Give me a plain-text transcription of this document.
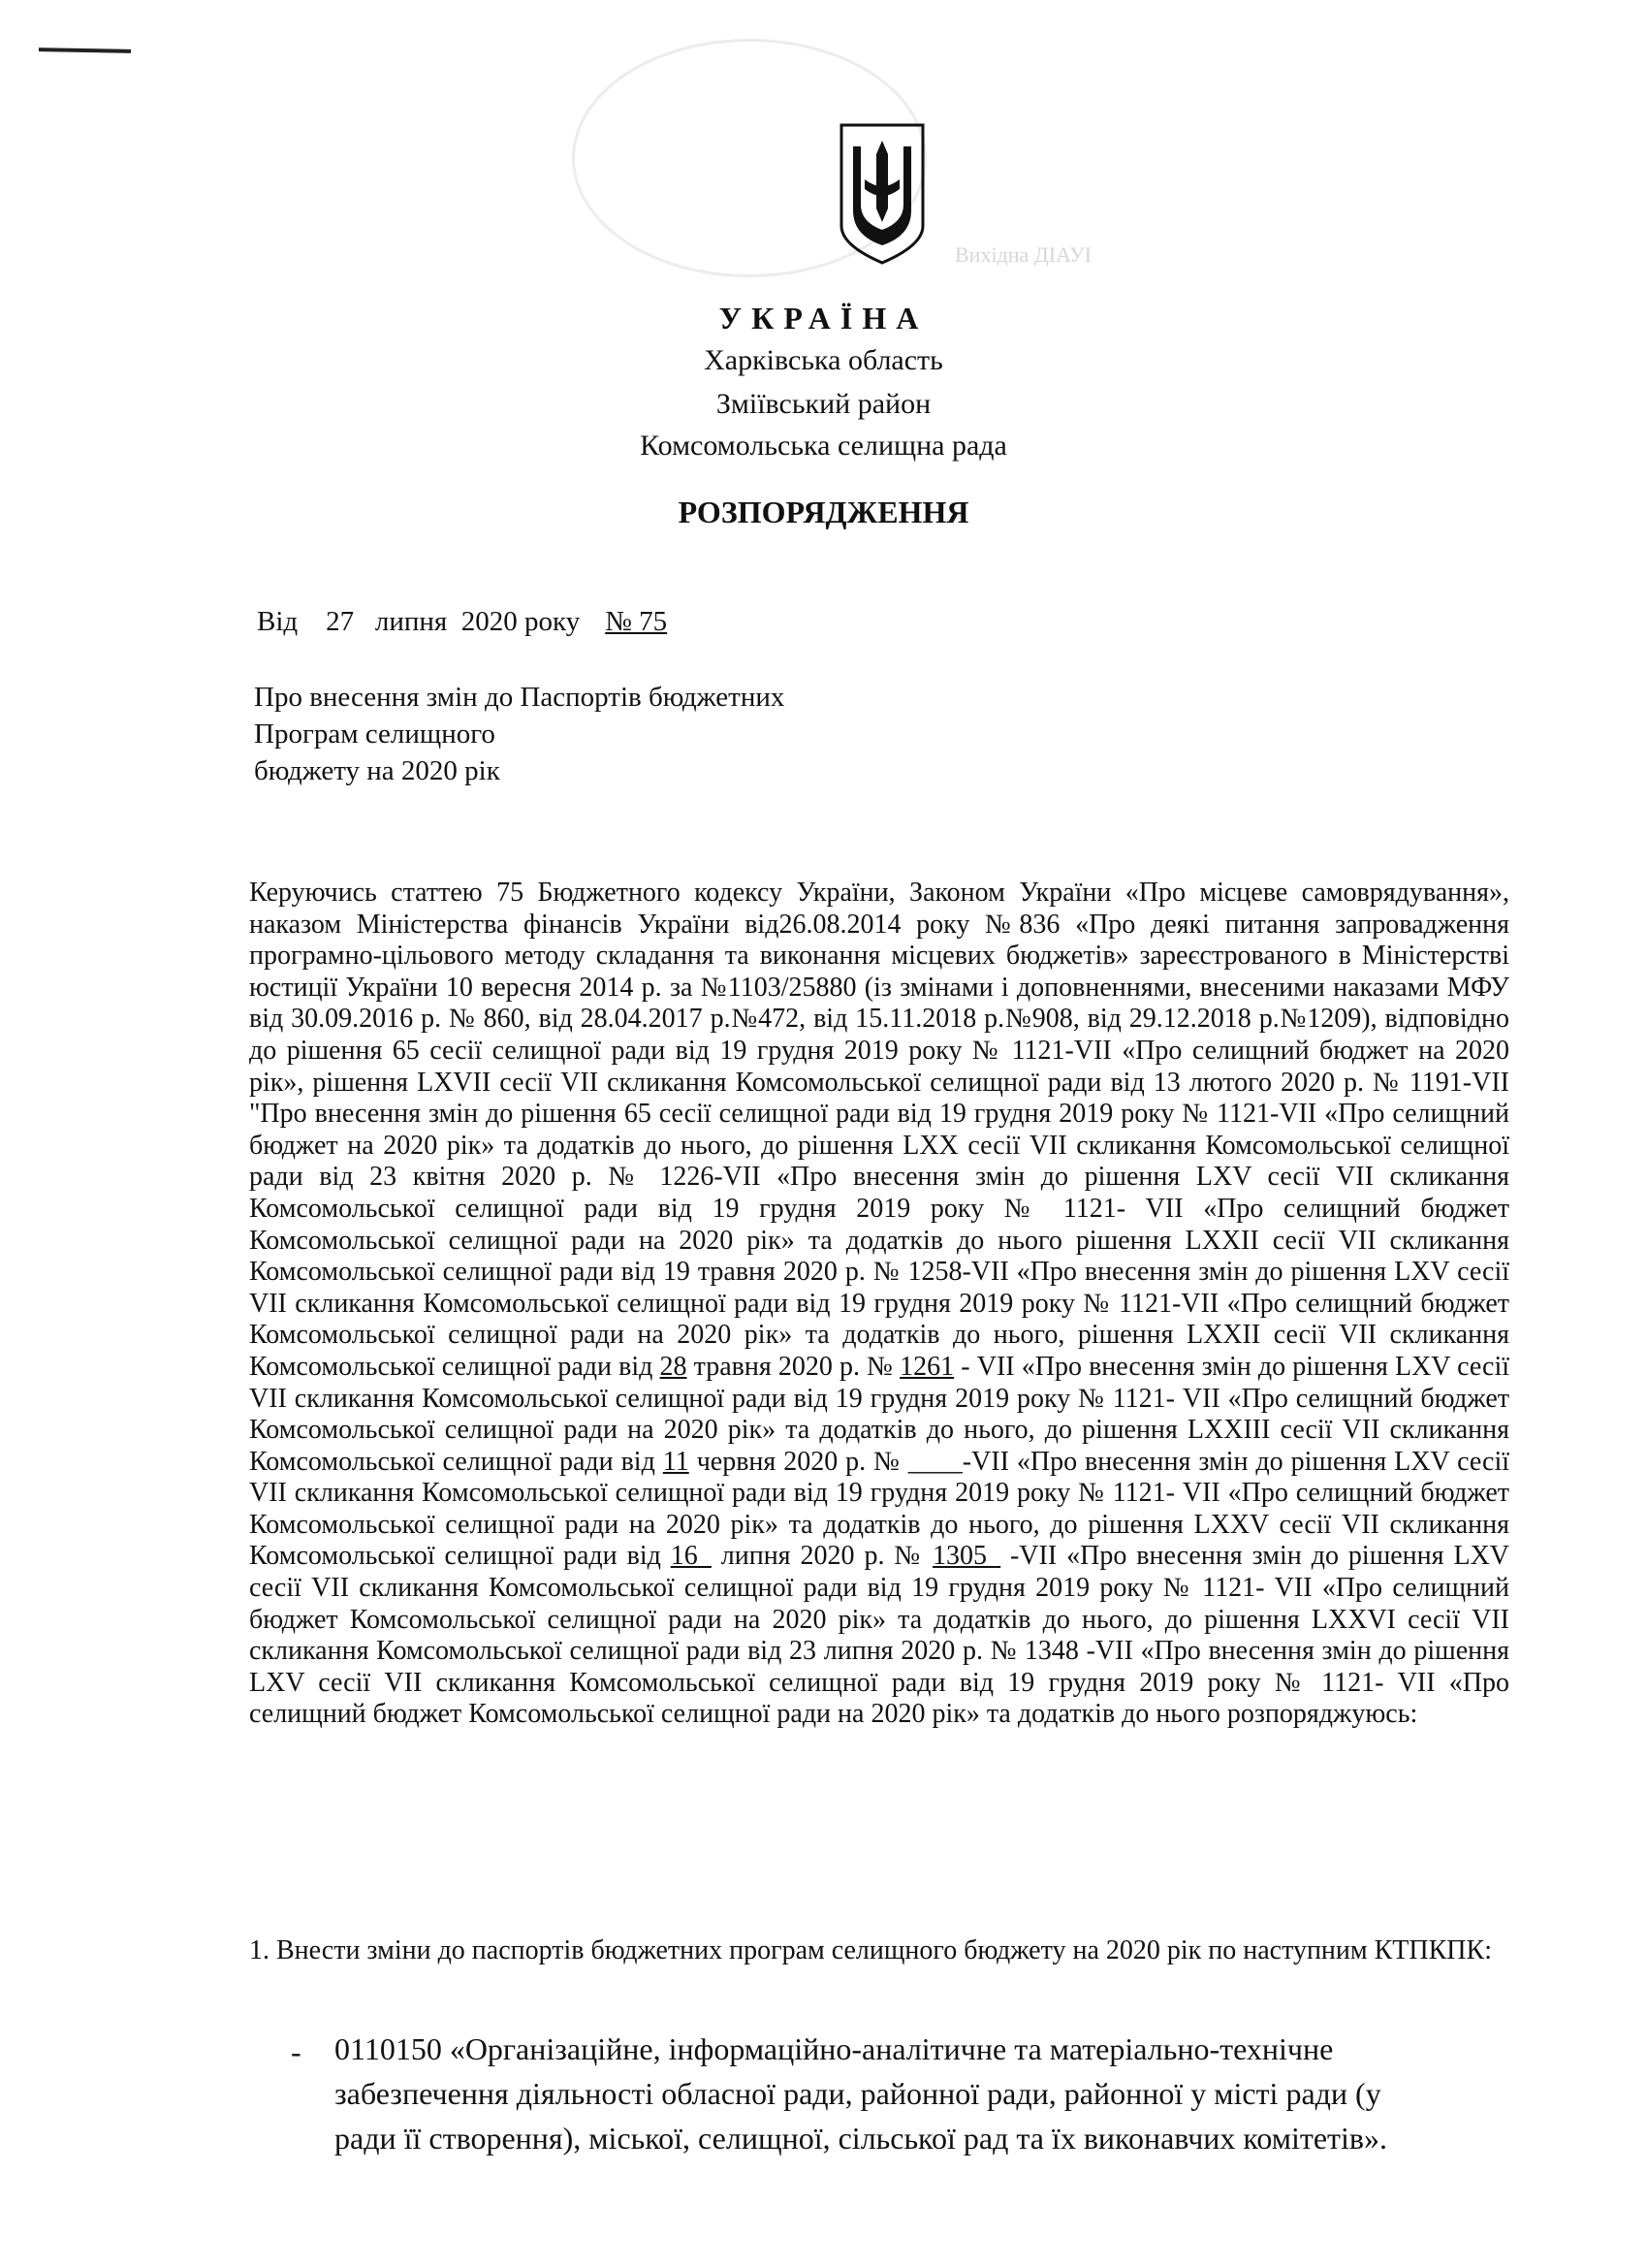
Вихідна ДІАУІ
УКРАЇНА
Харківська область
Зміївський район
Комсомольська селищна рада
РОЗПОРЯДЖЕННЯ
Від 27 липня  2020 року № 75
Про внесення змін до Паспортів бюджетних
Програм селищного
бюджету на 2020 рік
Керуючись статтею 75 Бюджетного кодексу України, Законом України «Про місцеве самоврядування», наказом Міністерства фінансів України від26.08.2014 року №836 «Про деякі питання запровадження програмно-цільового методу складання та виконання місцевих бюджетів» зареєстрованого в Міністерстві юстиції України 10 вересня 2014 р. за №1103/25880 (із змінами і доповненнями, внесеними наказами МФУ від 30.09.2016 р. № 860, від 28.04.2017 р.№472, від 15.11.2018 р.№908, від 29.12.2018 р.№1209), відповідно до рішення 65 сесії селищної ради від 19 грудня 2019 року № 1121-VII «Про селищний бюджет на 2020 рік», рішення LXVII сесії VII скликання Комсомольської селищної ради від 13 лютого 2020 р. № 1191-VII "Про внесення змін до рішення 65 сесії селищної ради від 19 грудня 2019 року № 1121-VII «Про селищний бюджет на 2020 рік» та додатків до нього, до рішення LXX сесії VII скликання Комсомольської селищної ради від 23 квітня 2020 р. № 1226-VII «Про внесення змін до рішення LXV сесії VII скликання Комсомольської селищної ради від 19 грудня 2019 року № 1121- VII «Про селищний бюджет Комсомольської селищної ради на 2020 рік» та додатків до нього рішення LXXII сесії VII скликання Комсомольської селищної ради від 19 травня 2020 р. № 1258-VII «Про внесення змін до рішення LXV сесії VII скликання Комсомольської селищної ради від 19 грудня 2019 року № 1121-VII «Про селищний бюджет Комсомольської селищної ради на 2020 рік» та додатків до нього, рішення LXXII сесії VII скликання Комсомольської селищної ради від 28 травня 2020 р. № 1261 - VII «Про внесення змін до рішення LXV сесії VII скликання Комсомольської селищної ради від 19 грудня 2019 року № 1121- VII «Про селищний бюджет Комсомольської селищної ради на 2020 рік» та додатків до нього, до рішення LXXIII сесії VII скликання Комсомольської селищної ради від 11 червня 2020 р. № ____-VII «Про внесення змін до рішення LXV сесії VII скликання Комсомольської селищної ради від 19 грудня 2019 року № 1121- VII «Про селищний бюджет Комсомольської селищної ради на 2020 рік» та додатків до нього, до рішення LXXV сесії VII скликання Комсомольської селищної ради від 16_ липня 2020 р. № 1305_ -VII «Про внесення змін до рішення LXV сесії VII скликання Комсомольської селищної ради від 19 грудня 2019 року № 1121- VII «Про селищний бюджет Комсомольської селищної ради на 2020 рік» та додатків до нього, до рішення LXXVI сесії VII скликання Комсомольської селищної ради від 23 липня 2020 р. № 1348 -VII «Про внесення змін до рішення LXV сесії VII скликання Комсомольської селищної ради від 19 грудня 2019 року № 1121- VII «Про селищний бюджет Комсомольської селищної ради на 2020 рік» та додатків до нього розпоряджуюсь:
1. Внести зміни до паспортів бюджетних програм селищного бюджету на 2020 рік по наступним КТПКПК:
- 0110150 «Організаційне, інформаційно-аналітичне та матеріально-технічне забезпечення діяльності обласної ради, районної ради, районної у місті ради (у ради її створення), міської, селищної, сільської рад та їх виконавчих комітетів».
